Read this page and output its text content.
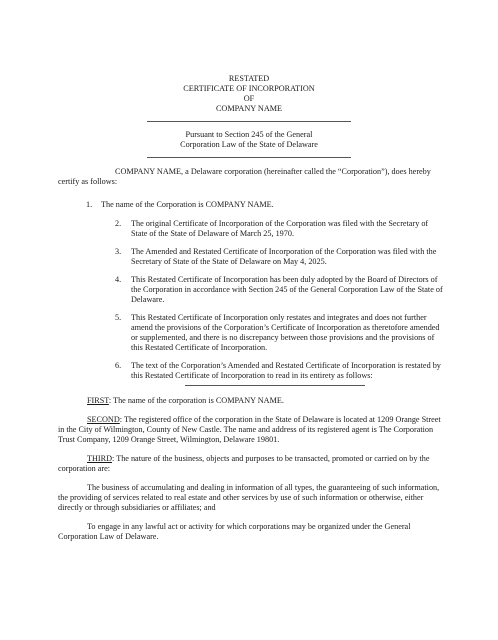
RESTATED
CERTIFICATE OF INCORPORATION
OF
COMPANY NAME
Pursuant to Section 245 of the General
Corporation Law of the State of Delaware
COMPANY NAME, a Delaware corporation (hereinafter called the “Corporation”), does hereby
certify as follows:
1. The name of the Corporation is COMPANY NAME.
2. The original Certificate of Incorporation of the Corporation was filed with the Secretary of
State of the State of Delaware of March 25, 1970.
3. The Amended and Restated Certificate of Incorporation of the Corporation was filed with the
Secretary of State of the State of Delaware on May 4, 2025.
4. This Restated Certificate of Incorporation has been duly adopted by the Board of Directors of
the Corporation in accordance with Section 245 of the General Corporation Law of the State of
Delaware.
5. This Restated Certificate of Incorporation only restates and integrates and does not further
amend the provisions of the Corporation’s Certificate of Incorporation as theretofore amended
or supplemented, and there is no discrepancy between those provisions and the provisions of
this Restated Certificate of Incorporation.
6. The text of the Corporation’s Amended and Restated Certificate of Incorporation is restated by
this Restated Certificate of Incorporation to read in its entirety as follows:
FIRST: The name of the corporation is COMPANY NAME.
SECOND: The registered office of the corporation in the State of Delaware is located at 1209 Orange Street
in the City of Wilmington, County of New Castle. The name and address of its registered agent is The Corporation
Trust Company, 1209 Orange Street, Wilmington, Delaware 19801.
THIRD: The nature of the business, objects and purposes to be transacted, promoted or carried on by the
corporation are:
The business of accumulating and dealing in information of all types, the guaranteeing of such information,
the providing of services related to real estate and other services by use of such information or otherwise, either
directly or through subsidiaries or affiliates; and
To engage in any lawful act or activity for which corporations may be organized under the General
Corporation Law of Delaware.
